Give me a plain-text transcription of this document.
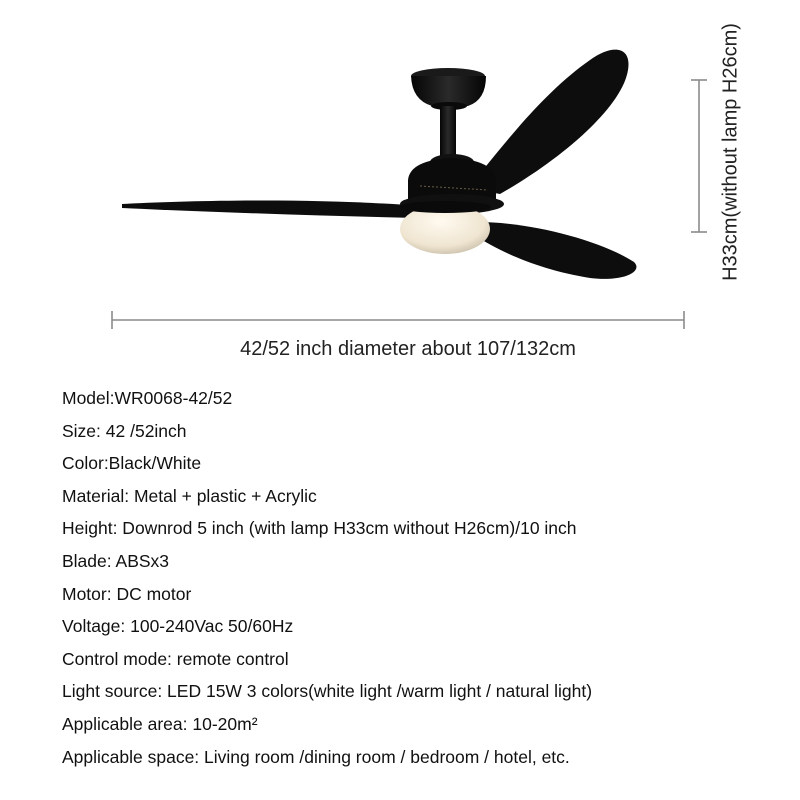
42/52 inch diameter about 107/132cm
H33cm(without lamp H26cm)
Model:WR0068-42/52
Size: 42 /52inch
Color:Black/White
Material: Metal + plastic + Acrylic
Height: Downrod 5 inch (with lamp H33cm without H26cm)/10 inch
Blade: ABSx3
Motor: DC motor
Voltage: 100-240Vac 50/60Hz
Control mode: remote control
Light source: LED 15W 3 colors(white light /warm light / natural light)
Applicable area: 10-20m²
Applicable space: Living room /dining room / bedroom / hotel, etc.
